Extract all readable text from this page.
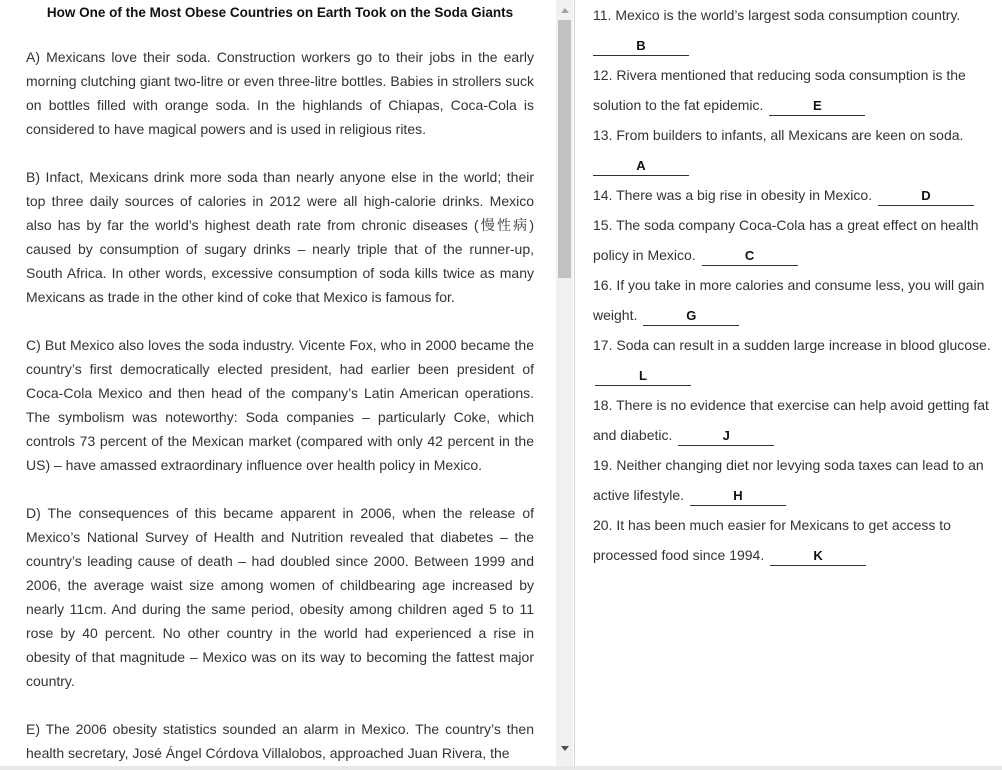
How One of the Most Obese Countries on Earth Took on the Soda Giants

A) Mexicans love their soda. Construction workers go to their jobs in the early morning clutching giant two-litre or even three-litre bottles. Babies in strollers suck on bottles filled with orange soda. In the highlands of Chiapas, Coca-Cola is considered to have magical powers and is used in religious rites.

B) Infact, Mexicans drink more soda than nearly anyone else in the world; their top three daily sources of calories in 2012 were all high-calorie drinks. Mexico also has by far the world’s highest death rate from chronic diseases (慢性病) caused by consumption of sugary drinks – nearly triple that of the runner-up, South Africa. In other words, excessive consumption of soda kills twice as many Mexicans as trade in the other kind of coke that Mexico is famous for.

C) But Mexico also loves the soda industry. Vicente Fox, who in 2000 became the country’s first democratically elected president, had earlier been president of Coca-Cola Mexico and then head of the company’s Latin American operations. The symbolism was noteworthy: Soda companies – particularly Coke, which controls 73 percent of the Mexican market (compared with only 42 percent in the US) – have amassed extraordinary influence over health policy in Mexico.

D) The consequences of this became apparent in 2006, when the release of Mexico’s National Survey of Health and Nutrition revealed that diabetes – the country’s leading cause of death – had doubled since 2000. Between 1999 and 2006, the average waist size among women of childbearing age increased by nearly 11cm. And during the same period, obesity among children aged 5 to 11 rose by 40 percent. No other country in the world had experienced a rise in obesity of that magnitude – Mexico was on its way to becoming the fattest major country.

E) The 2006 obesity statistics sounded an alarm in Mexico. The country’s then health secretary, José Ángel Córdova Villalobos, approached Juan Rivera, the

11. Mexico is the world’s largest soda consumption country.
B
12. Rivera mentioned that reducing soda consumption is the solution to the fat epidemic.	E
13. From builders to infants, all Mexicans are keen on soda.
A
14. There was a big rise in obesity in Mexico.	D
15. The soda company Coca-Cola has a great effect on health policy in Mexico.	C
16. If you take in more calories and consume less, you will gain weight.	G
17. Soda can result in a sudden large increase in blood glucose. L
18. There is no evidence that exercise can help avoid getting fat and diabetic.	J
19. Neither changing diet nor levying soda taxes can lead to an active lifestyle.	H
20. It has been much easier for Mexicans to get access to processed food since 1994.	K
